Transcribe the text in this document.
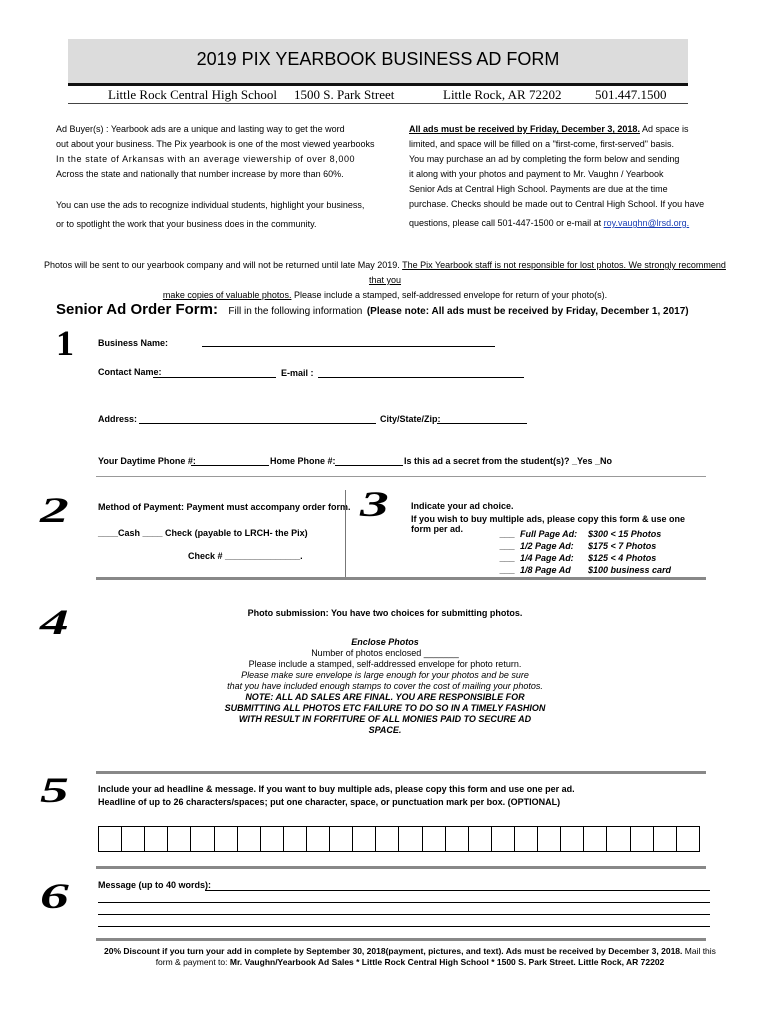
2019 PIX YEARBOOK BUSINESS AD FORM
Little Rock Central High School 1500 S. Park Street	Little Rock, AR 72202	501.447.1500
Ad Buyer(s) : Yearbook ads are a unique and lasting way to get the word
out about your business. The Pix yearbook is one of the most viewed yearbooks
In the state of Arkansas with an average viewership of over 8,000
Across the state and nationally that number increase by more than 60%.
You can use the ads to recognize individual students, highlight your business,
or to spotlight the work that your business does in the community.
All ads must be received by Friday, December 3, 2018. Ad space is
limited, and space will be filled on a "first-come, first-served" basis.
You may purchase an ad by completing the form below and sending
it along with your photos and payment to Mr. Vaughn / Yearbook
Senior Ads at Central High School. Payments are due at the time
purchase. Checks should be made out to Central High School. If you have
questions, please call 501-447-1500 or e-mail at roy.vaughn@lrsd.org.
Photos will be sent to our yearbook company and will not be returned until late May 2019. The Pix Yearbook staff is not responsible for lost photos. We strongly recommend that you
make copies of valuable photos. Please include a stamped, self-addressed envelope for return of your photo(s).
Senior Ad Order Form: Fill in the following information (Please note: All ads must be received by Friday, December 1, 2017)
1	Business Name:
Contact Name:	E-mail :
Address:	City/State/Zip:
Your Daytime Phone #:	Home Phone #:	Is this ad a secret from the student(s)? _Yes _No
2	Method of Payment: Payment must accompany order form.
____Cash ____ Check (payable to LRCH- the Pix)
Check # _______________.
3 Indicate your ad choice.
If you wish to buy multiple ads, please copy this form & use one form per ad.	___ Full Page Ad:	$300 < 15 Photos
___ 1/2 Page Ad:	$175 < 7 Photos
___ 1/4 Page Ad:	$125 < 4 Photos
___ 1/8 Page Ad	$100 business card
4	Photo submission: You have two choices for submitting photos.
Enclose Photos
Number of photos enclosed _______
Please include a stamped, self-addressed envelope for photo return.
Please make sure envelope is large enough for your photos and be sure
that you have included enough stamps to cover the cost of mailing your photos.
NOTE: ALL AD SALES ARE FINAL. YOU ARE RESPONSIBLE FOR
SUBMITTING ALL PHOTOS ETC FAILURE TO DO SO IN A TIMELY FASHION
WITH RESULT IN FORFITURE OF ALL MONIES PAID TO SECURE AD
SPACE.
5	Include your ad headline & message. If you want to buy multiple ads, please copy this form and use one per ad.
Headline of up to 26 characters/spaces; put one character, space, or punctuation mark per box. (OPTIONAL)
6	Message (up to 40 words):
20% Discount if you turn your add in complete by September 30, 2018(payment, pictures, and text). Ads must be received by December 3, 2018. Mail this
form & payment to: Mr. Vaughn/Yearbook Ad Sales * Little Rock Central High School * 1500 S. Park Street. Little Rock, AR 72202
